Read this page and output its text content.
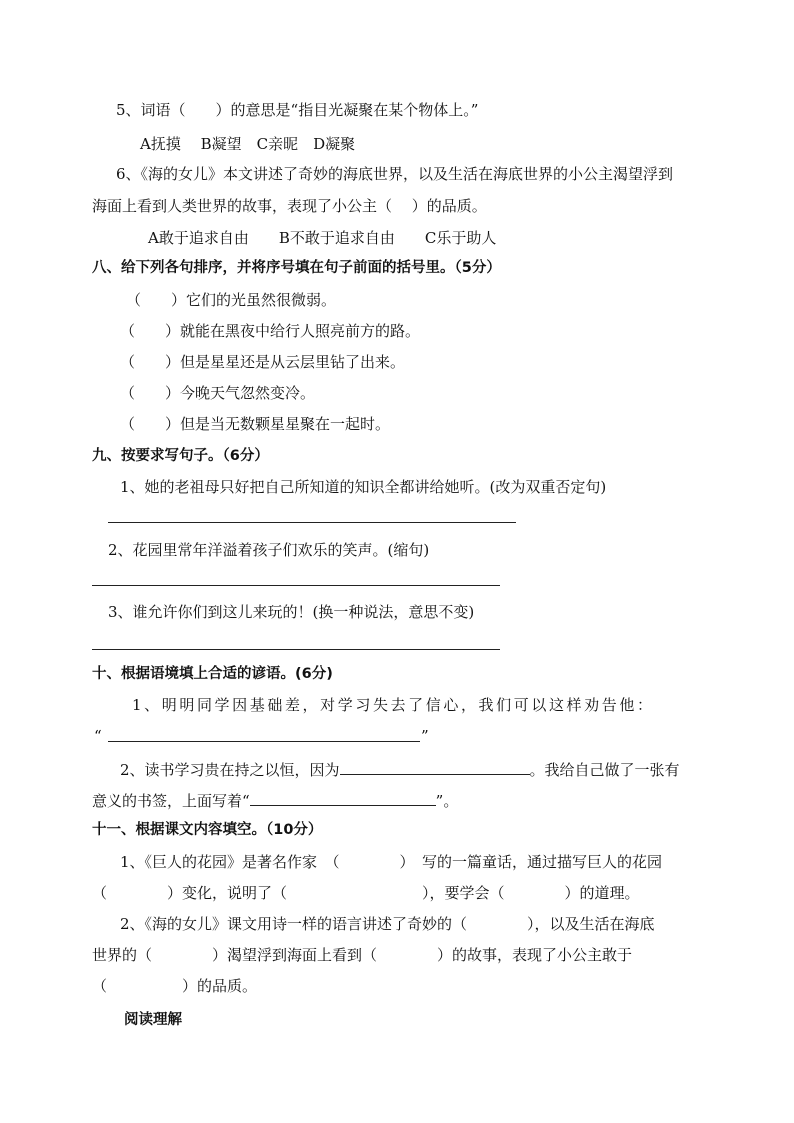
5、词语（　　）的意思是“指目光凝聚在某个物体上。”
A抚摸　 B凝望　C亲昵　D凝聚
6、《海的女儿》本文讲述了奇妙的海底世界，以及生活在海底世界的小公主渴望浮到
海面上看到人类世界的故事，表现了小公主（　 ）的品质。
A敢于追求自由　　B不敢于追求自由　　C乐于助人
八、给下列各句排序，并将序号填在句子前面的括号里。（5分）
（　　）它们的光虽然很微弱。
（　　）就能在黑夜中给行人照亮前方的路。
（　　）但是星星还是从云层里钻了出来。
（　　）今晚天气忽然变冷。
（　　）但是当无数颗星星聚在一起时。
九、按要求写句子。（6分）
1、她的老祖母只好把自己所知道的知识全都讲给她听。(改为双重否定句)
2、花园里常年洋溢着孩子们欢乐的笑声。(缩句)
3、谁允许你们到这儿来玩的！(换一种说法，意思不变)
十、根据语境填上合适的谚语。(6分)
1、明明同学因基础差，对学习失去了信心，我们可以这样劝告他：
“	”
2、读书学习贵在持之以恒，因为	。我给自己做了一张有
意义的书签，上面写着“	”。
十一、根据课文内容填空。（10分）
1、《巨人的花园》是著名作家　（　　　　）　写的一篇童话，通过描写巨人的花园
（　　　　）变化，说明了（　　　　　　　　　），要学会（　　　　）的道理。
2、《海的女儿》课文用诗一样的语言讲述了奇妙的（　　　　），以及生活在海底
世界的（　　　　）渴望浮到海面上看到（　　　　）的故事，表现了小公主敢于
（　　　　　）的品质。
阅读理解
